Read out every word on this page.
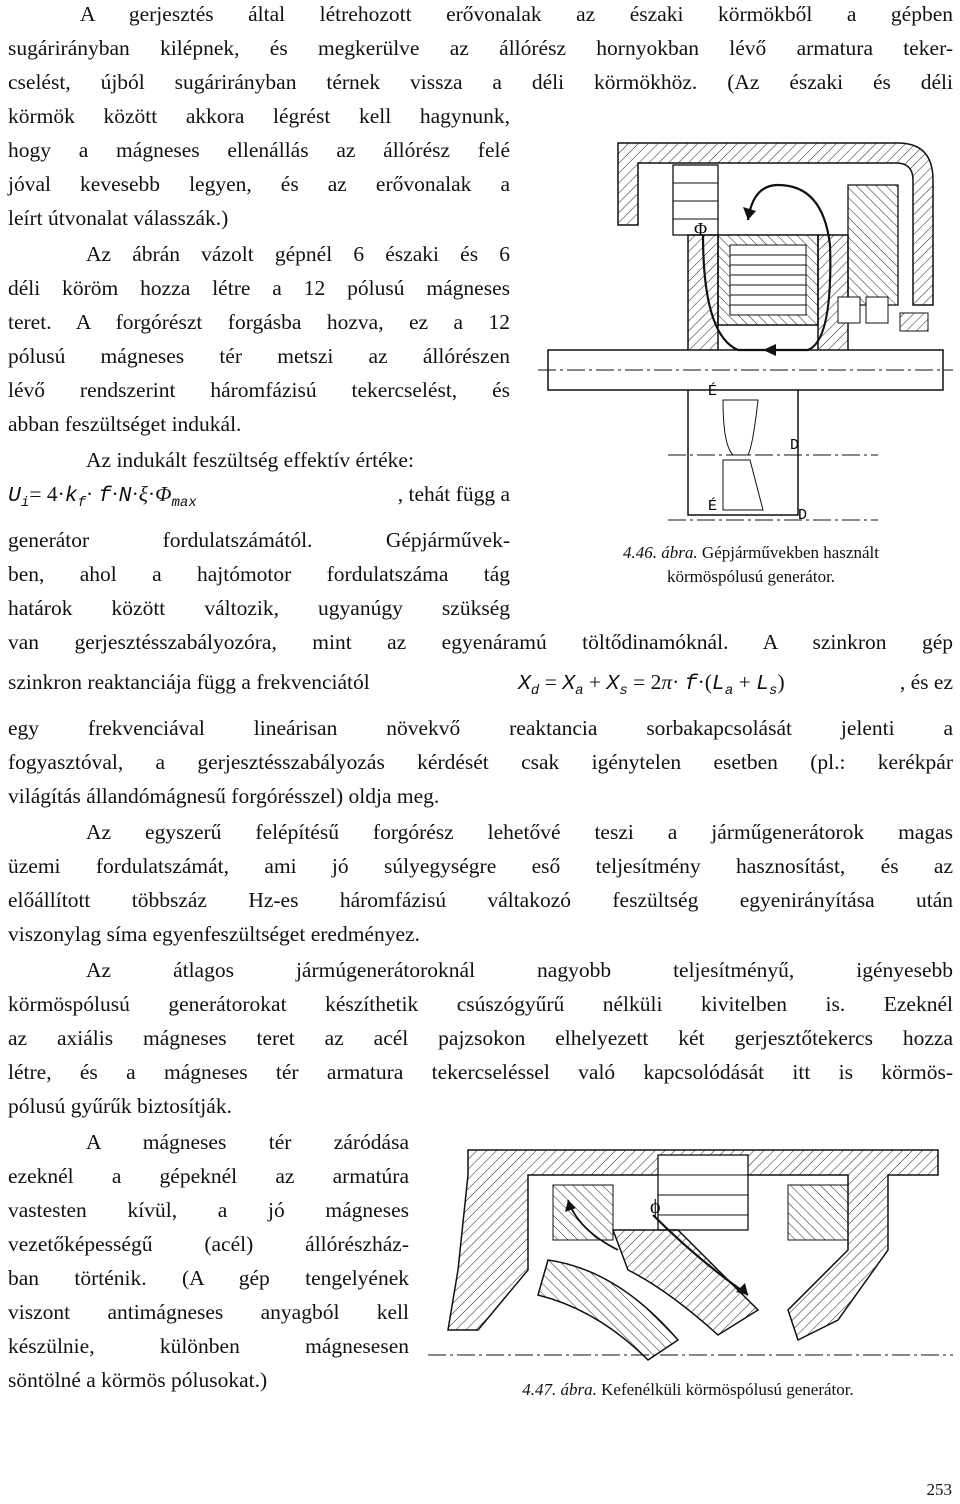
A gerjesztés által létrehozott erővonalak az északi körmökből a gépben
sugárirányban kilépnek, és megkerülve az állórész hornyokban lévő armatura teker-
cselést, újból sugárirányban térnek vissza a déli körmökhöz. (Az északi és déli
körmök között akkora légrést kell hagynunk,
hogy a mágneses ellenállás az állórész felé
jóval kevesebb legyen, és az erővonalak a
leírt útvonalat válasszák.)
Az ábrán vázolt gépnél 6 északi és 6
déli köröm hozza létre a 12 pólusú mágneses
teret. A forgórészt forgásba hozva, ez a 12
pólusú mágneses tér metszi az állórészen
lévő rendszerint háromfázisú tekercselést, és
abban feszültséget indukál.
Az indukált feszültség effektív értéke:
$U_i= 4\cdot k_f\cdot f\cdot N\cdot\xi\cdot\Phi_{max}$	, tehát függ a
generátor fordulatszámától. Gépjárművek-
ben, ahol a hajtómotor fordulatszáma tág
határok között változik, ugyanúgy szükség
van gerjesztésszabályozóra, mint az egyenáramú töltődinamóknál. A szinkron gép
szinkron reaktanciája függ a frekvenciától	$X_d = X_a + X_s = 2\pi\cdot f\cdot(L_a + L_s)$	, és ez
egy frekvenciával lineárisan növekvő reaktancia sorbakapcsolását jelenti a
fogyasztóval, a gerjesztésszabályozás kérdését csak igénytelen esetben (pl.: kerékpár
világítás állandómágnesű forgórésszel) oldja meg.
Az egyszerű felépítésű forgórész lehetővé teszi a járműgenerátorok magas
üzemi fordulatszámát, ami jó súlyegységre eső teljesítmény hasznosítást, és az
előállított többszáz Hz-es háromfázisú váltakozó feszültség egyenirányítása után
viszonylag síma egyenfeszültséget eredményez.
Az átlagos jármúgenerátoroknál nagyobb teljesítményű, igényesebb
körmöspólusú generátorokat készíthetik csúszógyűrű nélküli kivitelben is. Ezeknél
az axiális mágneses teret az acél pajzsokon elhelyezett két gerjesztőtekercs hozza
létre, és a mágneses tér armatura tekercseléssel való kapcsolódását itt is körmös-
pólusú gyűrűk biztosítják.
A mágneses tér záródása
ezeknél a gépeknél az armatúra
vastesten kívül, a jó mágneses
vezetőképességű (acél) állórészház-
ban történik. (A gép tengelyének
viszont antimágneses anyagból kell
készülnie, különben mágnesesen
söntölné a körmös pólusokat.)
Φ
É
É
D
D
4.46. ábra. Gépjárművekben használt
körmöspólusú generátor.
ϕ
4.47. ábra. Kefenélküli körmöspólusú generátor.
253
